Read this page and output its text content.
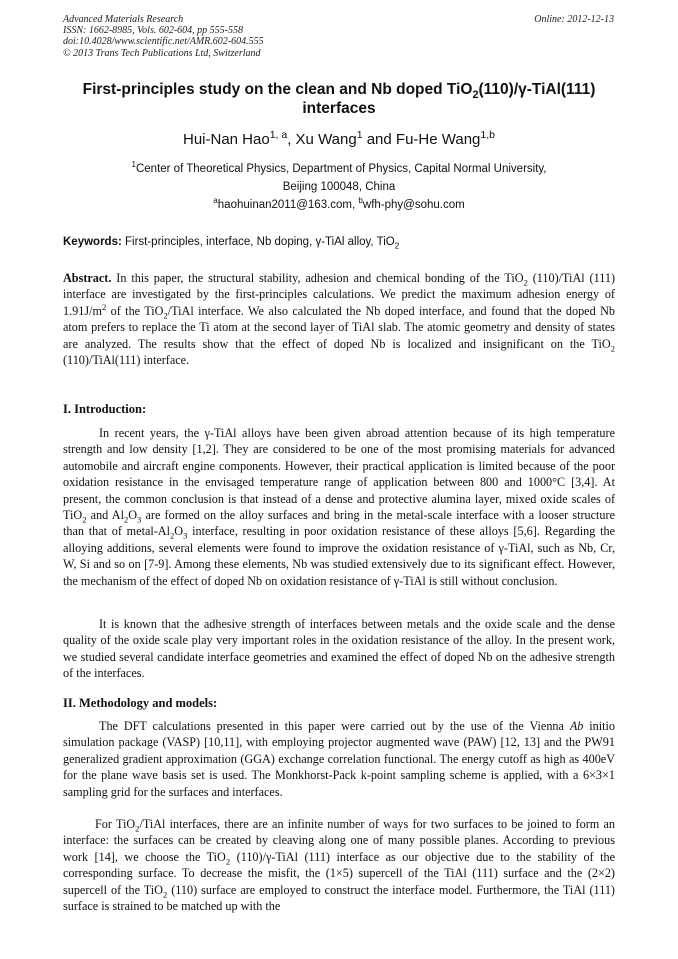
Advanced Materials Research
ISSN: 1662-8985, Vols. 602-604, pp 555-558
doi:10.4028/www.scientific.net/AMR.602-604.555
© 2013 Trans Tech Publications Ltd, Switzerland
Online: 2012-12-13
First-principles study on the clean and Nb doped TiO$_2$(110)/γ-TiAl(111)
interfaces
Hui-Nan Hao$^{1, a}$, Xu Wang$^1$ and Fu-He Wang$^{1,b}$
$^1$Center of Theoretical Physics, Department of Physics, Capital Normal University,
Beijing 100048, China
$^a$haohuinan2011@163.com, $^b$wfh-phy@sohu.com
Keywords: First-principles, interface, Nb doping, γ-TiAl alloy, TiO$_2$
Abstract. In this paper, the structural stability, adhesion and chemical bonding of the TiO$_2$ (110)/TiAl (111) interface are investigated by the first-principles calculations. We predict the maximum adhesion energy of $1.91J/m^2$ of the TiO$_2$/TiAl interface. We also calculated the Nb doped interface, and found that the doped Nb atom prefers to replace the Ti atom at the second layer of TiAl slab. The atomic geometry and density of states are analyzed. The results show that the effect of doped Nb is localized and insignificant on the TiO$_2$ (110)/TiAl(111) interface.
I. Introduction:
In recent years, the γ-TiAl alloys have been given abroad attention because of its high temperature strength and low density [1,2]. They are considered to be one of the most promising materials for advanced automobile and aircraft engine components. However, their practical application is limited because of the poor oxidation resistance in the envisaged temperature range of application between 800 and 1000°C [3,4]. At present, the common conclusion is that instead of a dense and protective alumina layer, mixed oxide scales of TiO$_2$ and $Al_2O_3$ are formed on the alloy surfaces and bring in the metal-scale interface with a looser structure than that of metal-$Al_2O_3$ interface, resulting in poor oxidation resistance of these alloys [5,6]. Regarding the alloying additions, several elements were found to improve the oxidation resistance of γ-TiAl, such as Nb, Cr, W, Si and so on [7-9]. Among these elements, Nb was studied extensively due to its significant effect. However, the mechanism of the effect of doped Nb on oxidation resistance of γ-TiAl is still without conclusion.
It is known that the adhesive strength of interfaces between metals and the oxide scale and the dense quality of the oxide scale play very important roles in the oxidation resistance of the alloy. In the present work, we studied several candidate interface geometries and examined the effect of doped Nb on the adhesive strength of the interfaces.
II. Methodology and models:
The DFT calculations presented in this paper were carried out by the use of the Vienna Ab initio simulation package (VASP) [10,11], with employing projector augmented wave (PAW) [12, 13] and the PW91 generalized gradient approximation (GGA) exchange correlation functional. The energy cutoff as high as 400eV for the plane wave basis set is used. The Monkhorst-Pack k-point sampling scheme is applied, with a 6×3×1 sampling grid for the surfaces and interfaces.
For TiO$_2$/TiAl interfaces, there are an infinite number of ways for two surfaces to be joined to form an interface: the surfaces can be created by cleaving along one of many possible planes. According to previous work [14], we choose the TiO$_2$ (110)/γ-TiAl (111) interface as our objective due to the stability of the corresponding surface. To decrease the misfit, the (1×5) supercell of the TiAl (111) surface and the (2×2) supercell of the TiO$_2$ (110) surface are employed to construct the interface model. Furthermore, the TiAl (111) surface is strained to be matched up with the
